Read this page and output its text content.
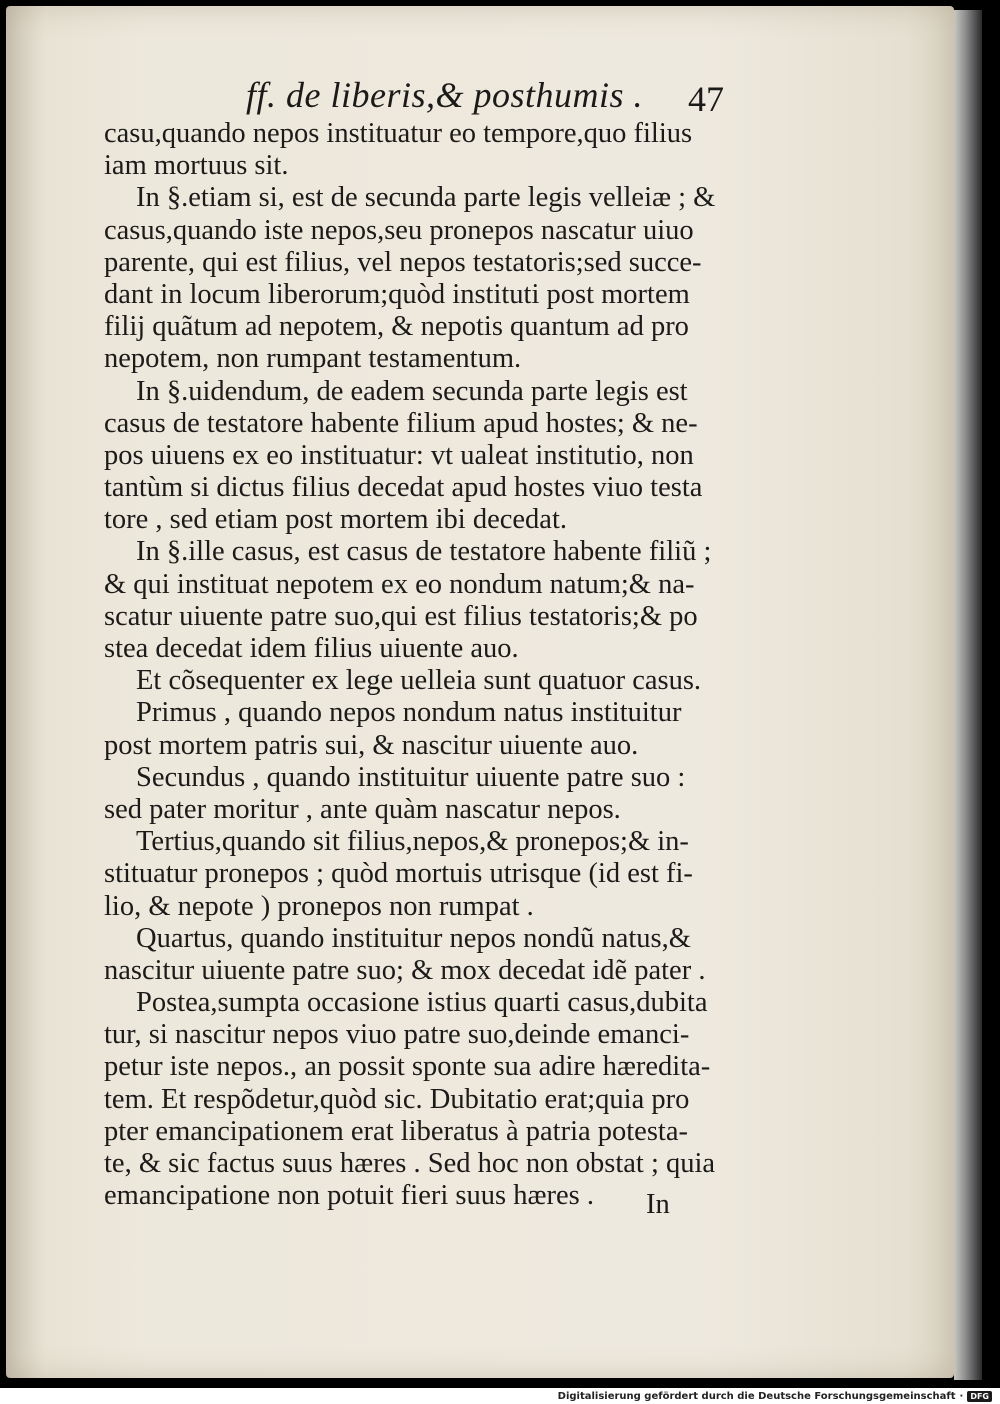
ff. de liberis,& posthumis . 47
casu,quando nepos instituatur eo tempore,quo filius
iam mortuus sit.
In §.etiam si, est de secunda parte legis velleiæ ; &
casus,quando iste nepos,seu pronepos nascatur uiuo
parente, qui est filius, vel nepos testatoris;sed succe-
dant in locum liberorum;quòd instituti post mortem
filij quãtum ad nepotem, & nepotis quantum ad pro
nepotem, non rumpant testamentum.
In §.uidendum, de eadem secunda parte legis est
casus de testatore habente filium apud hostes; & ne-
pos uiuens ex eo instituatur: vt ualeat institutio, non
tantùm si dictus filius decedat apud hostes viuo testa
tore , sed etiam post mortem ibi decedat.
In §.ille casus, est casus de testatore habente filiũ ;
& qui instituat nepotem ex eo nondum natum;& na-
scatur uiuente patre suo,qui est filius testatoris;& po
stea decedat idem filius uiuente auo.
Et cõsequenter ex lege uelleia sunt quatuor casus.
Primus , quando nepos nondum natus instituitur
post mortem patris sui, & nascitur uiuente auo.
Secundus , quando instituitur uiuente patre suo :
sed pater moritur , ante quàm nascatur nepos.
Tertius,quando sit filius,nepos,& pronepos;& in-
stituatur pronepos ; quòd mortuis utrisque (id est fi-
lio, & nepote ) pronepos non rumpat .
Quartus, quando instituitur nepos nondũ natus,&
nascitur uiuente patre suo; & mox decedat idẽ pater .
Postea,sumpta occasione istius quarti casus,dubita
tur, si nascitur nepos viuo patre suo,deinde emanci-
petur iste nepos., an possit sponte sua adire hæredita-
tem. Et respõdetur,quòd sic. Dubitatio erat;quia pro
pter emancipationem erat liberatus à patria potesta-
te, & sic factus suus hæres . Sed hoc non obstat ; quia
emancipatione non potuit fieri suus hæres .	In
Digitalisierung gefördert durch die Deutsche Forschungsgemeinschaft · DFG
